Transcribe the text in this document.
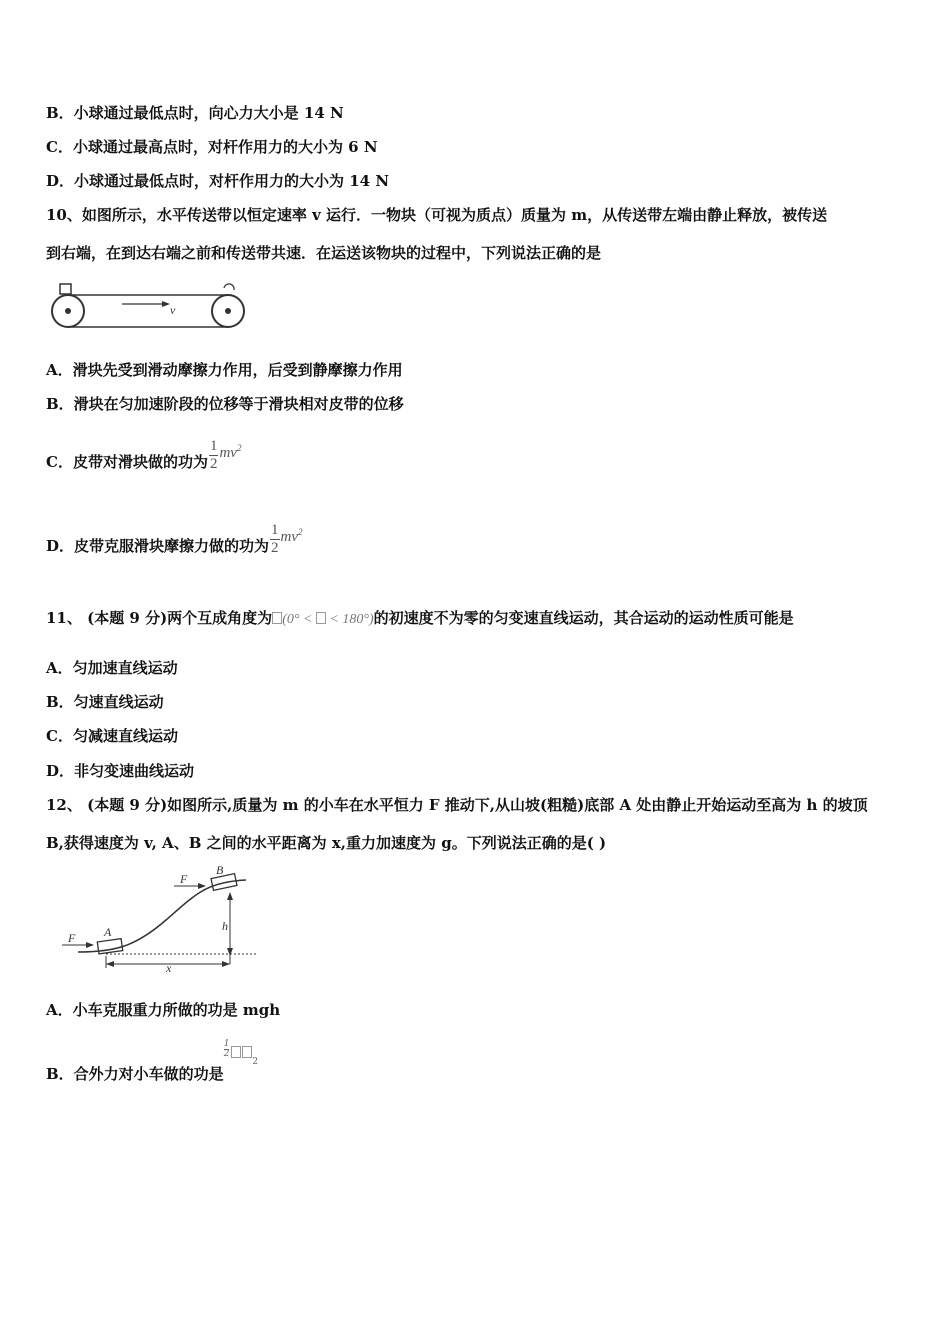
B．小球通过最低点时，向心力大小是 14 N
C．小球通过最高点时，对杆作用力的大小为 6 N
D．小球通过最低点时，对杆作用力的大小为 14 N
10、如图所示，水平传送带以恒定速率 v 运行．一物块（可视为质点）质量为 m，从传送带左端由静止释放，被传送
到右端，在到达右端之前和传送带共速．在运送该物块的过程中，下列说法正确的是
v
A．滑块先受到滑动摩擦力作用，后受到静摩擦力作用
B．滑块在匀加速阶段的位移等于滑块相对皮带的位移
C．皮带对滑块做的功为 $\frac{1}{2} mv^2$
D．皮带克服滑块摩擦力做的功为 $\frac{1}{2} mv^2$
11、 (本题 9 分)两个互成角度为 (0° <  < 180°)的初速度不为零的匀变速直线运动，其合运动的运动性质可能是
A．匀加速直线运动
B．匀速直线运动
C．匀减速直线运动
D．非匀变速曲线运动
12、 (本题 9 分)如图所示,质量为 m 的小车在水平恒力 F 推动下,从山坡(粗糙)底部 A 处由静止开始运动至高为 h 的坡顶
B,获得速度为 v, A、B 之间的水平距离为 x,重力加速度为 g。下列说法正确的是( )
A
F
B
F
h
x
A．小车克服重力所做的功是 mgh
B．合外力对小车做的功是
$\frac{1}{2}$
$^2$
